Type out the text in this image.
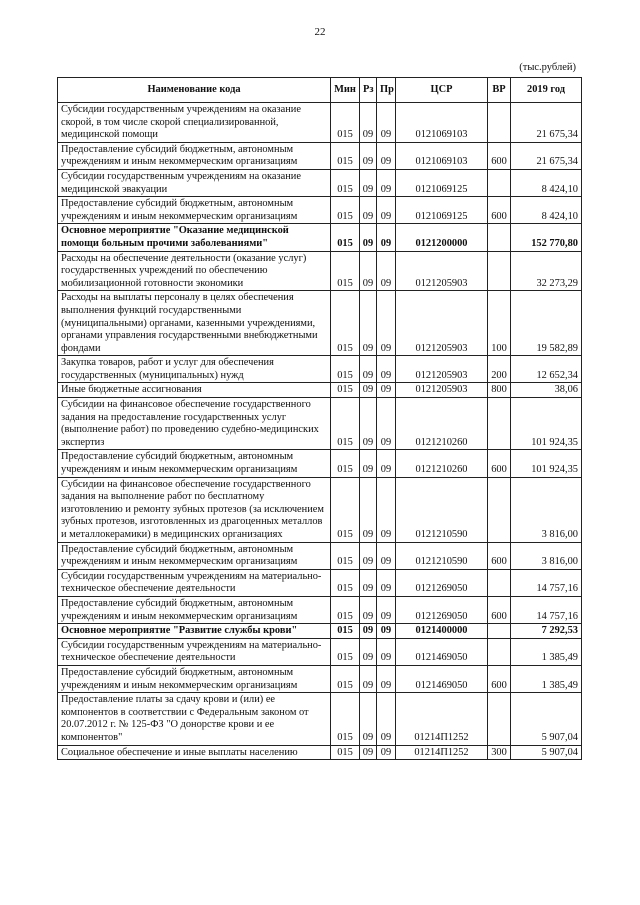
22
(тыс.рублей)
Наименование кода	Мин	Рз	Пр	ЦСР	ВР	2019 год
Субсидии государственным учреждениям на оказание скорой, в том числе скорой специализированной, медицинской помощи	015	09	09	0121069103		21 675,34
Предоставление субсидий бюджетным, автономным учреждениям и иным некоммерческим организациям	015	09	09	0121069103	600	21 675,34
Субсидии государственным учреждениям на оказание медицинской эвакуации	015	09	09	0121069125		8 424,10
Предоставление субсидий бюджетным, автономным учреждениям и иным некоммерческим организациям	015	09	09	0121069125	600	8 424,10
Основное мероприятие "Оказание медицинской помощи больным прочими заболеваниями"	015	09	09	0121200000		152 770,80
Расходы на обеспечение деятельности (оказание услуг) государственных учреждений по обеспечению мобилизационной готовности экономики	015	09	09	0121205903		32 273,29
Расходы на выплаты персоналу в целях обеспечения выполнения функций государственными (муниципальными) органами, казенными учреждениями, органами управления государственными внебюджетными фондами	015	09	09	0121205903	100	19 582,89
Закупка товаров, работ и услуг для обеспечения государственных (муниципальных) нужд	015	09	09	0121205903	200	12 652,34
Иные бюджетные ассигнования	015	09	09	0121205903	800	38,06
Субсидии на финансовое обеспечение государственного задания на предоставление государственных услуг (выполнение работ) по проведению судебно-медицинских экспертиз	015	09	09	0121210260		101 924,35
Предоставление субсидий бюджетным, автономным учреждениям и иным некоммерческим организациям	015	09	09	0121210260	600	101 924,35
Субсидии на финансовое обеспечение государственного задания на выполнение работ по бесплатному изготовлению и ремонту зубных протезов (за исключением зубных протезов, изготовленных из драгоценных металлов и металлокерамики) в медицинских организациях	015	09	09	0121210590		3 816,00
Предоставление субсидий бюджетным, автономным учреждениям и иным некоммерческим организациям	015	09	09	0121210590	600	3 816,00
Субсидии государственным учреждениям на материально-техническое обеспечение деятельности	015	09	09	0121269050		14 757,16
Предоставление субсидий бюджетным, автономным учреждениям и иным некоммерческим организациям	015	09	09	0121269050	600	14 757,16
Основное мероприятие "Развитие службы крови"	015	09	09	0121400000		7 292,53
Субсидии государственным учреждениям на материально-техническое обеспечение деятельности	015	09	09	0121469050		1 385,49
Предоставление субсидий бюджетным, автономным учреждениям и иным некоммерческим организациям	015	09	09	0121469050	600	1 385,49
Предоставление платы за сдачу крови и (или) ее компонентов в соответствии с Федеральным законом от 20.07.2012 г. № 125-ФЗ "О донорстве крови и ее компонентов"	015	09	09	01214П1252		5 907,04
Социальное обеспечение и иные выплаты населению	015	09	09	01214П1252	300	5 907,04
